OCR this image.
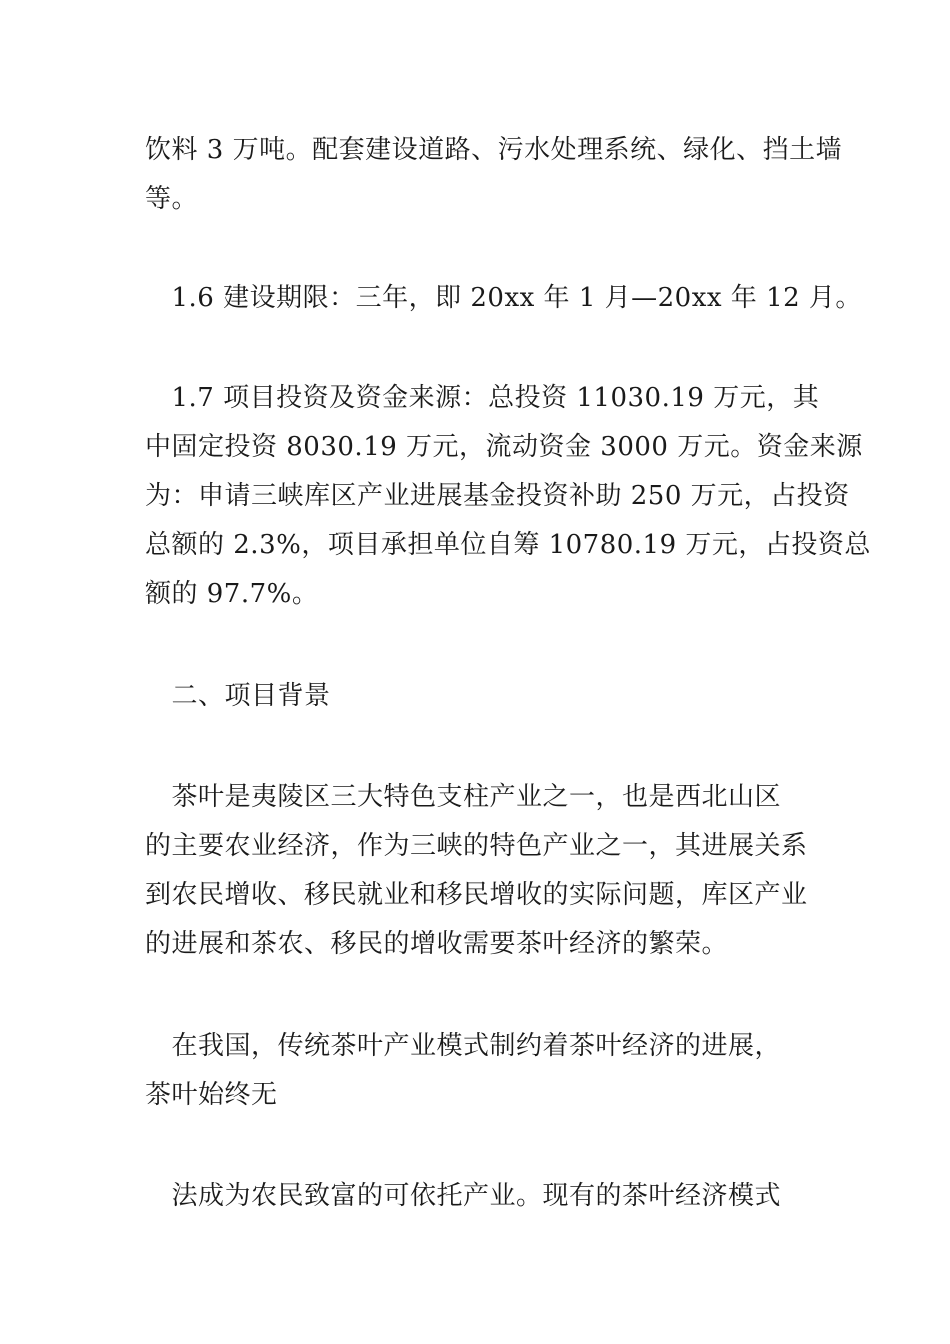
饮料 3 万吨。配套建设道路、污水处理系统、绿化、挡土墙
等。
　1.6 建设期限：三年，即 20xx 年 1 月—20xx 年 12 月。
　1.7 项目投资及资金来源：总投资 11030.19 万元，其
中固定投资 8030.19 万元，流动资金 3000 万元。资金来源
为：申请三峡库区产业进展基金投资补助 250 万元，占投资
总额的 2.3%，项目承担单位自筹 10780.19 万元，占投资总
额的 97.7%。
　二、项目背景
　茶叶是夷陵区三大特色支柱产业之一，也是西北山区
的主要农业经济，作为三峡的特色产业之一，其进展关系
到农民增收、移民就业和移民增收的实际问题，库区产业
的进展和茶农、移民的增收需要茶叶经济的繁荣。
　在我国，传统茶叶产业模式制约着茶叶经济的进展，
茶叶始终无
　法成为农民致富的可依托产业。现有的茶叶经济模式
